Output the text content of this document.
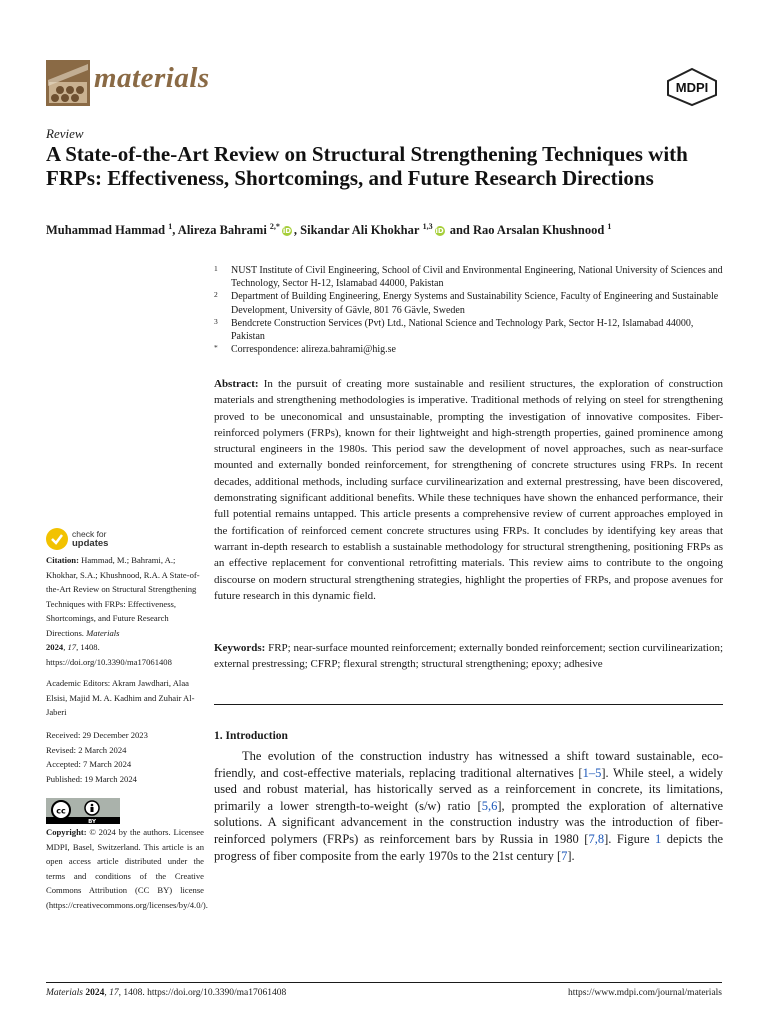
materials	MDPI
Review
A State-of-the-Art Review on Structural Strengthening Techniques with FRPs: Effectiveness, Shortcomings, and Future Research Directions
Muhammad Hammad $^1$, Alireza Bahrami $^{2,*}$iD , Sikandar Ali Khokhar $^{1,3}$iD and Rao Arsalan Khushnood $^1$

1 NUST Institute of Civil Engineering, School of Civil and Environmental Engineering, National University of Sciences and Technology, Sector H-12, Islamabad 44000, Pakistan

2 Department of Building Engineering, Energy Systems and Sustainability Science, Faculty of Engineering and Sustainable Development, University of Gävle, 801 76 Gävle, Sweden

3 Bendcrete Construction Services (Pvt) Ltd., National Science and Technology Park, Sector H-12, Islamabad 44000, Pakistan

* Correspondence: alireza.bahrami@hig.se

Abstract: In the pursuit of creating more sustainable and resilient structures, the exploration of construction materials and strengthening methodologies is imperative. Traditional methods of relying on steel for strengthening proved to be uneconomical and unsustainable, prompting the investigation of innovative composites. Fiber-reinforced polymers (FRPs), known for their lightweight and high-strength properties, gained prominence among structural engineers in the 1980s. This period saw the development of novel approaches, such as near-surface mounted and externally bonded reinforcement, for strengthening of concrete structures using FRPs. In recent decades, additional methods, including surface curvilinearization and external prestressing, have been discovered, demonstrating significant additional benefits. While these techniques have shown the enhanced performance, their full potential remains untapped. This article presents a comprehensive review of current approaches employed in the fortification of reinforced cement concrete structures using FRPs. It concludes by identifying key areas that warrant in-depth research to establish a sustainable methodology for structural strengthening, positioning FRPs as an effective replacement for conventional retrofitting materials. This review aims to contribute to the ongoing discourse on modern structural strengthening strategies, highlight the properties of FRPs, and propose avenues for future research in this dynamic field.
Keywords: FRP; near-surface mounted reinforcement; externally bonded reinforcement; section curvilinearization; external prestressing; CFRP; flexural strength; structural strengthening; epoxy; adhesive
1. Introduction

The evolution of the construction industry has witnessed a shift toward sustainable, eco-friendly, and cost-effective materials, replacing traditional alternatives [1–5]. While steel, a widely used and robust material, has historically served as a reinforcement in concrete, its limitations, primarily a lower strength-to-weight (s/w) ratio [5,6], prompted the exploration of alternative solutions. A significant advancement in the construction industry was the introduction of fiber-reinforced polymers (FRPs) as reinforcement bars by Russia in 1980 [7,8]. Figure 1 depicts the progress of fiber composite from the early 1970s to the 21st century [7].

check for
updates
Citation: Hammad, M.; Bahrami, A.; Khokhar, S.A.; Khushnood, R.A. A State-of-the-Art Review on Structural Strengthening Techniques with FRPs: Effectiveness, Shortcomings, and Future Research Directions. Materials
2024, 17, 1408. https://doi.org/10.3390/ma17061408
Academic Editors: Akram Jawdhari, Alaa Elsisi, Majid M. A. Kadhim and Zuhair Al-Jaberi
Received: 29 December 2023
Revised: 2 March 2024
Accepted: 7 March 2024
Published: 19 March 2024
cc
BY
Copyright: © 2024 by the authors. Licensee MDPI, Basel, Switzerland. This article is an open access article distributed under the terms and conditions of the Creative Commons Attribution (CC BY) license (https://creativecommons.org/licenses/by/4.0/).
Materials 2024, 17, 1408. https://doi.org/10.3390/ma17061408	https://www.mdpi.com/journal/materials
